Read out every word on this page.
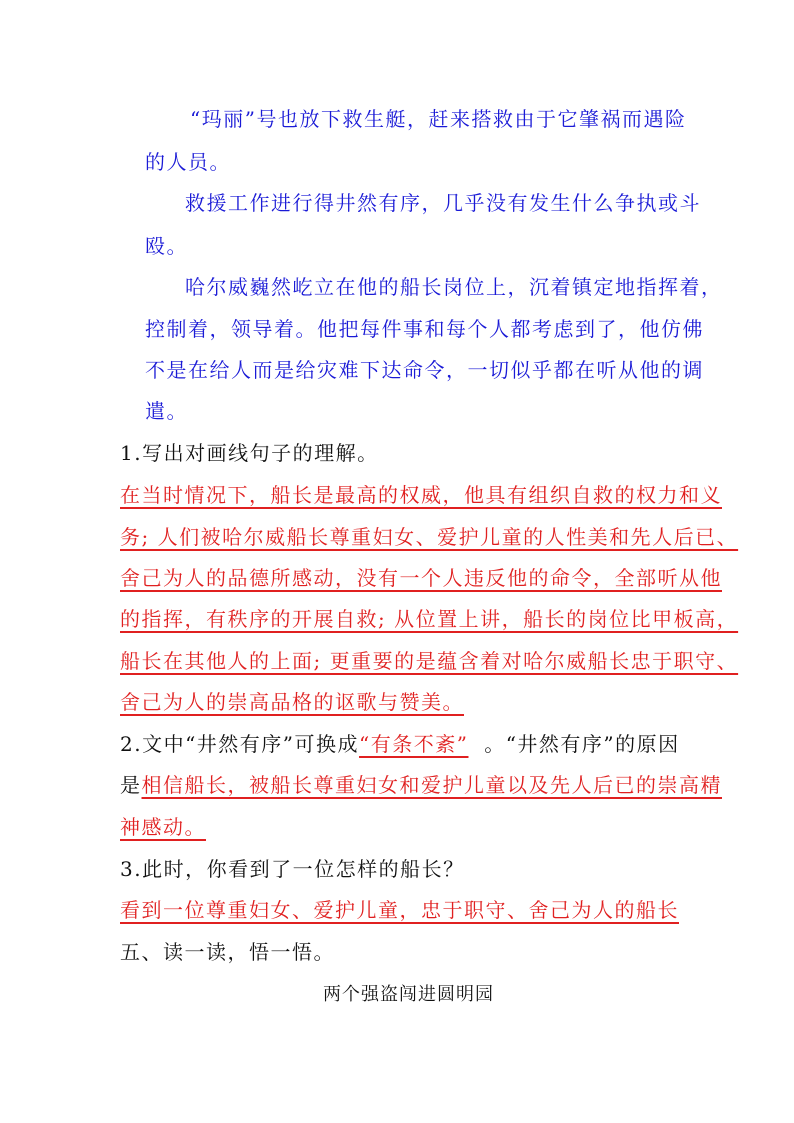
“玛丽”号也放下救生艇，赶来搭救由于它肇祸而遇险
的人员。
救援工作进行得井然有序，几乎没有发生什么争执或斗
殴。
哈尔威巍然屹立在他的船长岗位上，沉着镇定地指挥着，
控制着，领导着。他把每件事和每个人都考虑到了，他仿佛
不是在给人而是给灾难下达命令，一切似乎都在听从他的调
遣。
1.写出对画线句子的理解。
在当时情况下，船长是最高的权威，他具有组织自救的权力和义
务; 人们被哈尔威船长尊重妇女、爱护儿童的人性美和先人后已、
舍己为人的品德所感动，没有一个人违反他的命令，全部听从他
的指挥，有秩序的开展自救; 从位置上讲，船长的岗位比甲板高，
船长在其他人的上面; 更重要的是蕴含着对哈尔威船长忠于职守、
舍己为人的崇高品格的讴歌与赞美。
2.文中“井然有序”可换成“有条不紊” 。“井然有序”的原因
是相信船长，被船长尊重妇女和爱护儿童以及先人后已的崇高精
神感动。
3.此时，你看到了一位怎样的船长？
看到一位尊重妇女、爱护儿童，忠于职守、舍己为人的船长
五、读一读，悟一悟。
两个强盗闯进圆明园
